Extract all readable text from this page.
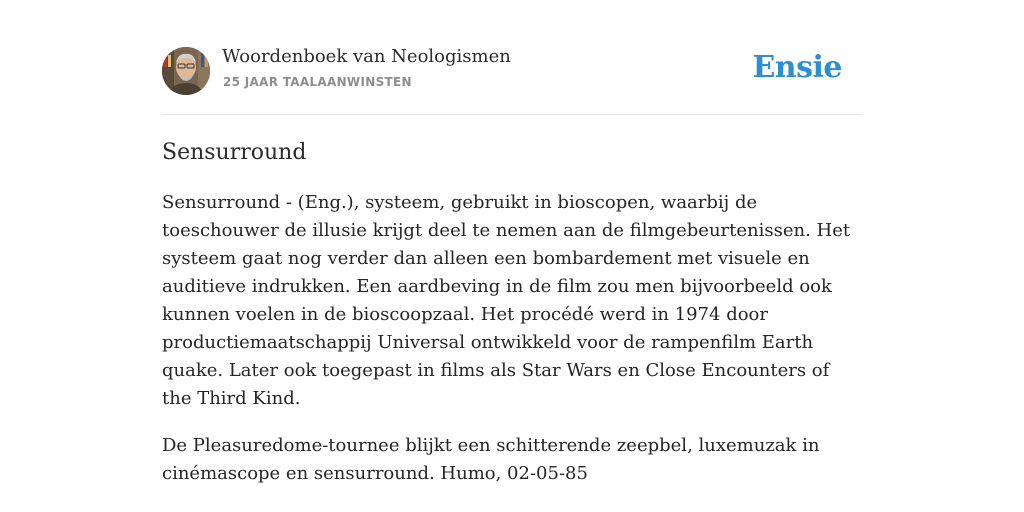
Woordenboek van Neologismen
25 JAAR TAALAANWINSTEN	Ensie
Sensurround

Sensurround - (Eng.), systeem, gebruikt in bioscopen, waarbij de toeschouwer de illusie krijgt deel te nemen aan de filmgebeurtenissen. Het systeem gaat nog verder dan alleen een bombardement met visuele en auditieve indrukken. Een aardbeving in de film zou men bijvoorbeeld ook kunnen voelen in de bioscoopzaal. Het procédé werd in 1974 door productiemaatschappij Universal ontwikkeld voor de rampenfilm Earth quake. Later ook toegepast in films als Star Wars en Close Encounters of the Third Kind.

De Pleasuredome-tournee blijkt een schitterende zeepbel, luxemuzak in cinémascope en sensurround. Humo, 02-05-85
